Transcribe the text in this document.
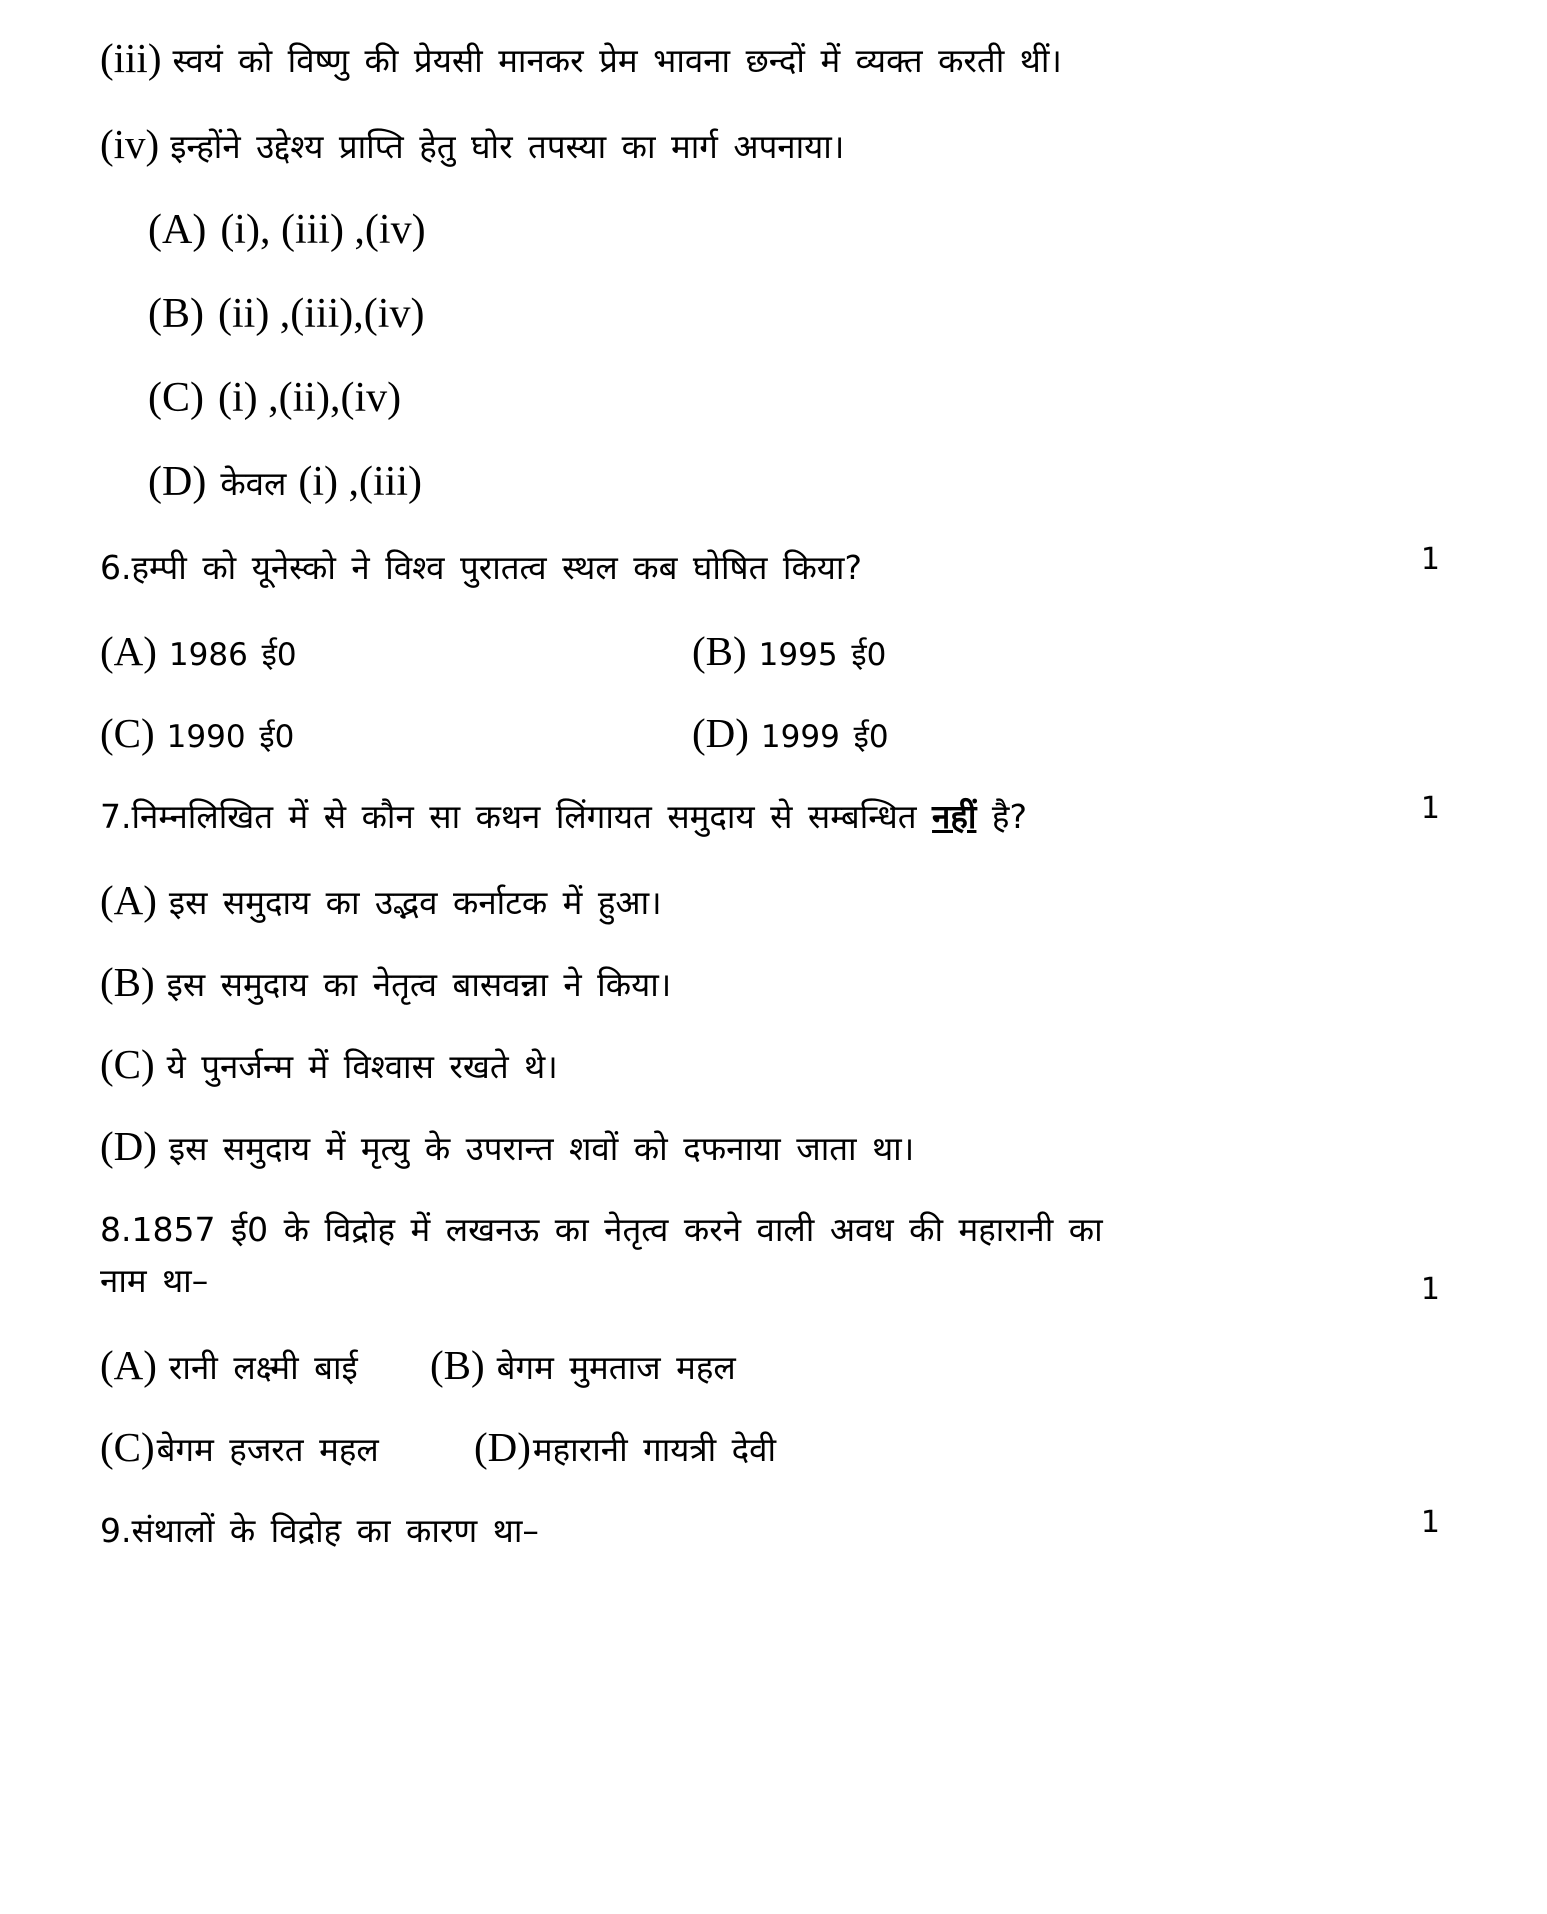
(iii) स्वयं को विष्णु की प्रेयसी मानकर प्रेम भावना छन्दों में व्यक्त करती थीं।
(iv) इन्होंने उद्देश्य प्राप्ति हेतु घोर तपस्या का मार्ग अपनाया।
(A) (i), (iii) ,(iv)
(B) (ii) ,(iii),(iv)
(C) (i) ,(ii),(iv)
(D) केवल (i) ,(iii)
6.हम्पी को यूनेस्को ने विश्व पुरातत्व स्थल कब घोषित किया?	1
(A) 1986 ई0	(B) 1995 ई0
(C) 1990 ई0	(D) 1999 ई0
7.निम्नलिखित में से कौन सा कथन लिंगायत समुदाय से सम्बन्धित नहीं है?	1
(A) इस समुदाय का उद्भव कर्नाटक में हुआ।
(B) इस समुदाय का नेतृत्व बासवन्ना ने किया।
(C) ये पुनर्जन्म में विश्वास रखते थे।
(D) इस समुदाय में मृत्यु के उपरान्त शवों को दफनाया जाता था।
8.1857 ई0 के विद्रोह में लखनऊ का नेतृत्व करने वाली अवध की महारानी का
नाम था–	1
(A) रानी लक्ष्मी बाई (B) बेगम मुमताज महल
(C) बेगम हजरत महल (D) महारानी गायत्री देवी
9.संथालों के विद्रोह का कारण था–	1
